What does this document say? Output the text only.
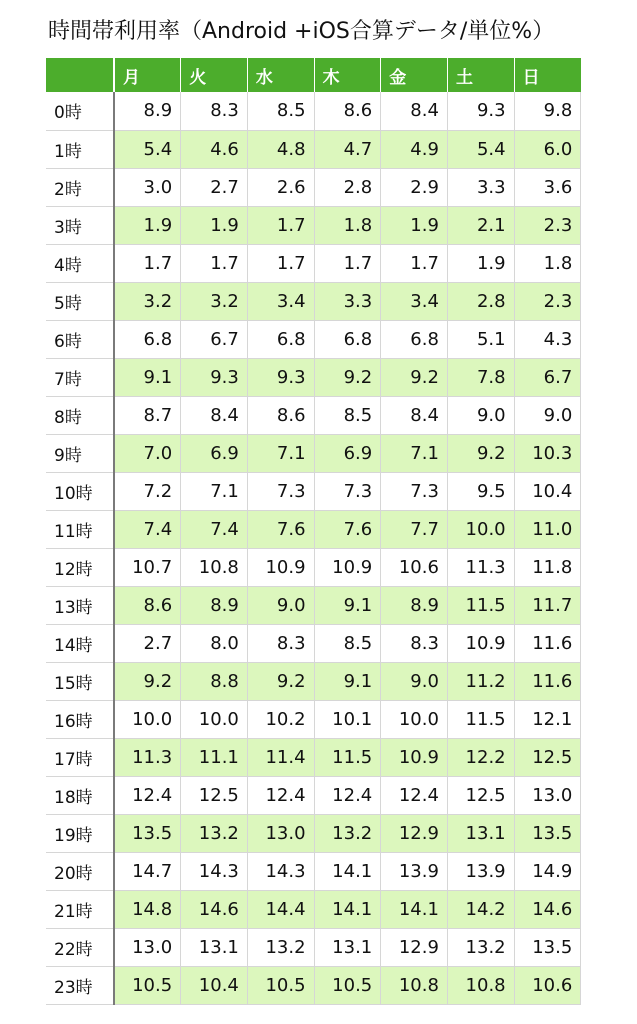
時間帯利用率（Android +iOS合算データ/単位%）
	月	火	水	木	金	土	日
0時	8.9	8.3	8.5	8.6	8.4	9.3	9.8
1時	5.4	4.6	4.8	4.7	4.9	5.4	6.0
2時	3.0	2.7	2.6	2.8	2.9	3.3	3.6
3時	1.9	1.9	1.7	1.8	1.9	2.1	2.3
4時	1.7	1.7	1.7	1.7	1.7	1.9	1.8
5時	3.2	3.2	3.4	3.3	3.4	2.8	2.3
6時	6.8	6.7	6.8	6.8	6.8	5.1	4.3
7時	9.1	9.3	9.3	9.2	9.2	7.8	6.7
8時	8.7	8.4	8.6	8.5	8.4	9.0	9.0
9時	7.0	6.9	7.1	6.9	7.1	9.2	10.3
10時	7.2	7.1	7.3	7.3	7.3	9.5	10.4
11時	7.4	7.4	7.6	7.6	7.7	10.0	11.0
12時	10.7	10.8	10.9	10.9	10.6	11.3	11.8
13時	8.6	8.9	9.0	9.1	8.9	11.5	11.7
14時	2.7	8.0	8.3	8.5	8.3	10.9	11.6
15時	9.2	8.8	9.2	9.1	9.0	11.2	11.6
16時	10.0	10.0	10.2	10.1	10.0	11.5	12.1
17時	11.3	11.1	11.4	11.5	10.9	12.2	12.5
18時	12.4	12.5	12.4	12.4	12.4	12.5	13.0
19時	13.5	13.2	13.0	13.2	12.9	13.1	13.5
20時	14.7	14.3	14.3	14.1	13.9	13.9	14.9
21時	14.8	14.6	14.4	14.1	14.1	14.2	14.6
22時	13.0	13.1	13.2	13.1	12.9	13.2	13.5
23時	10.5	10.4	10.5	10.5	10.8	10.8	10.6
